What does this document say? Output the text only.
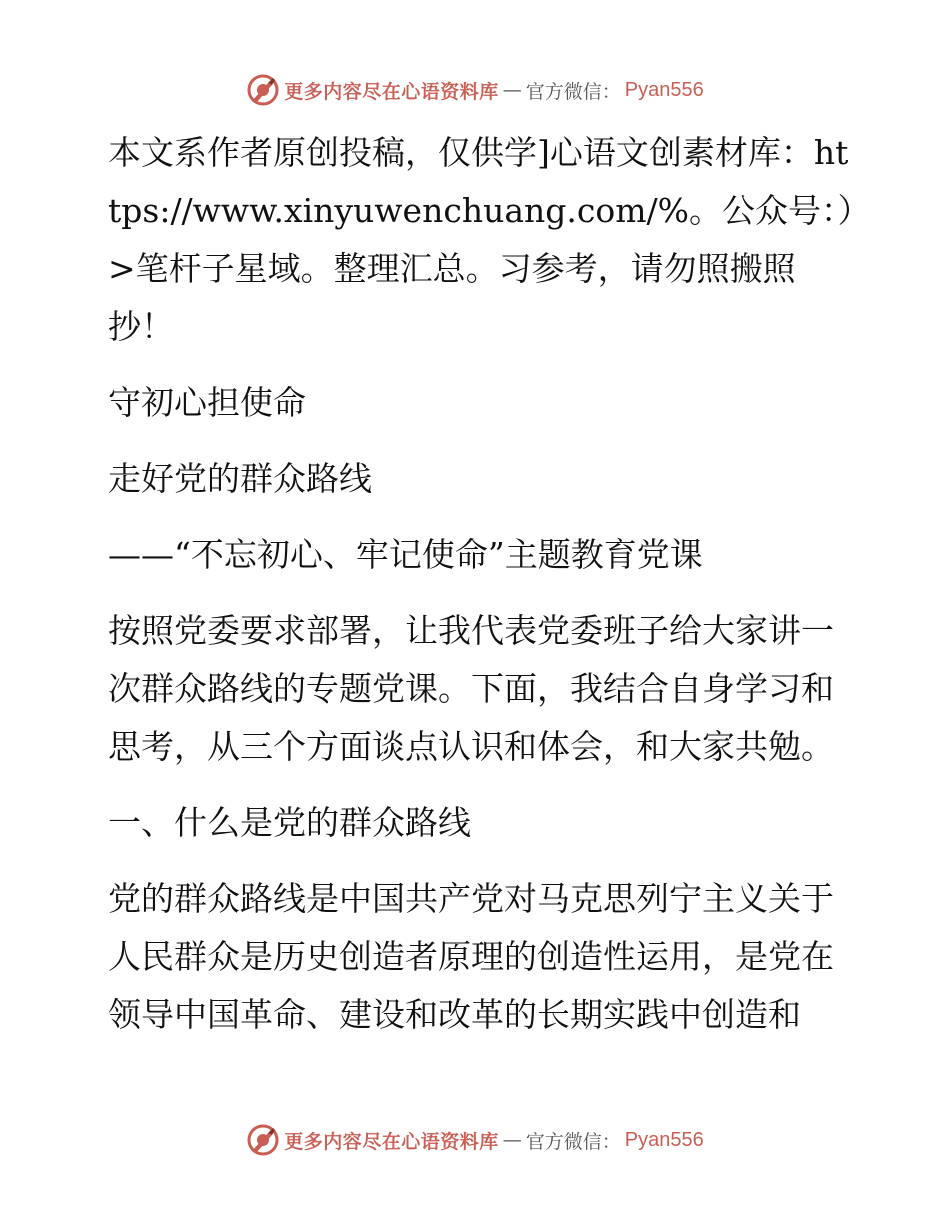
更多内容尽在心语资料库 — 官方微信： Pyan556

本文系作者原创投稿，仅供学]心语文创素材库：https://www.xinyuwenchuang.com/%。公众号：）>笔杆子星域。整理汇总。习参考，请勿照搬照抄！

守初心担使命

走好党的群众路线

——“不忘初心、牢记使命”主题教育党课

按照党委要求部署，让我代表党委班子给大家讲一次群众路线的专题党课。下面，我结合自身学习和思考，从三个方面谈点认识和体会，和大家共勉。

一、什么是党的群众路线

党的群众路线是中国共产党对马克思列宁主义关于人民群众是历史创造者原理的创造性运用，是党在领导中国革命、建设和改革的长期实践中创造和

更多内容尽在心语资料库 — 官方微信： Pyan556
